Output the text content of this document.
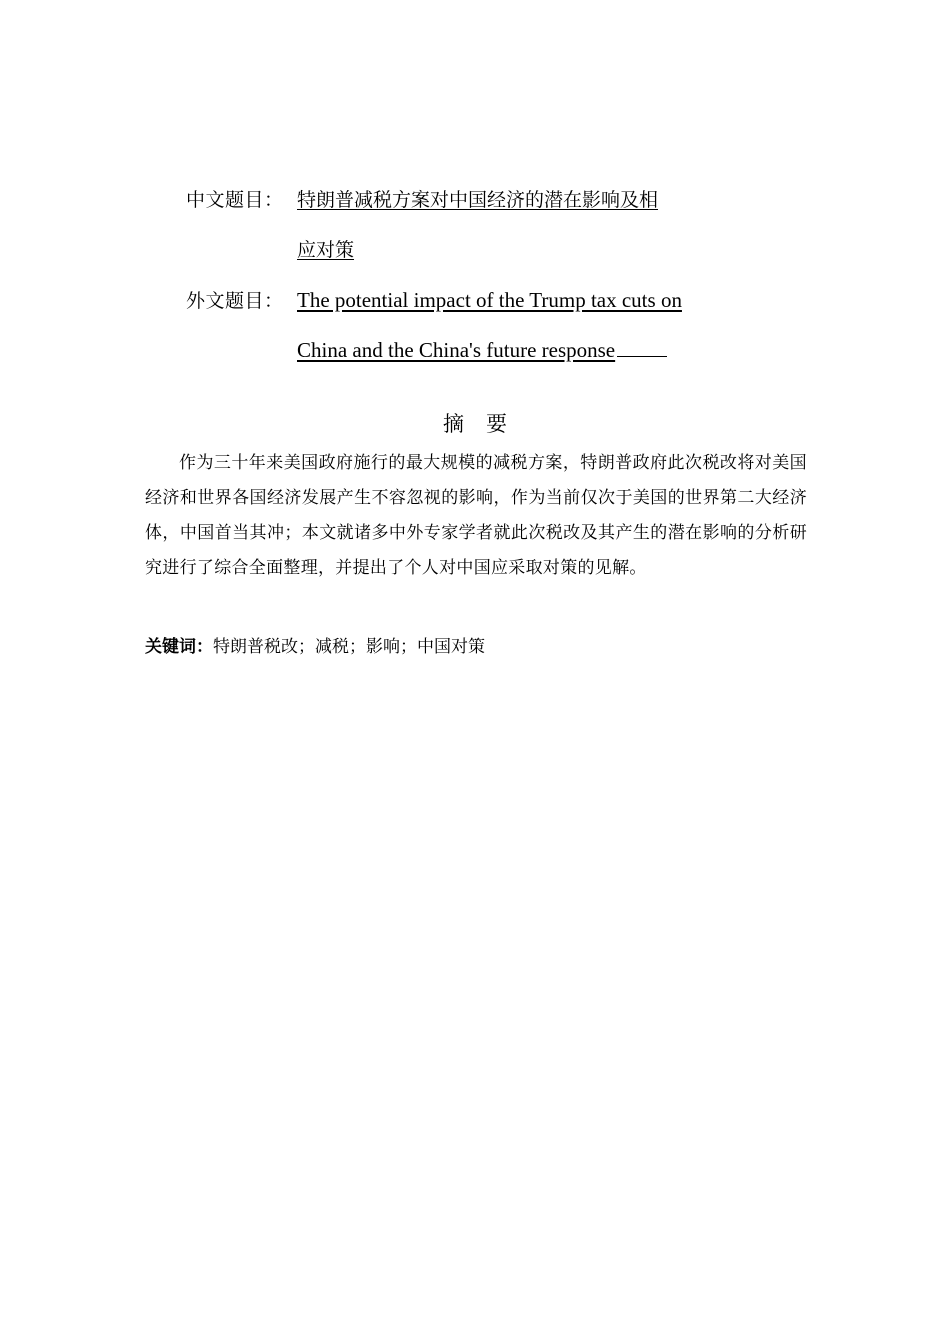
中文题目： 特朗普减税方案对中国经济的潜在影响及相
应对策
外文题目： The potential impact of the Trump tax cuts on
China and the China's future response
摘要
作为三十年来美国政府施行的最大规模的减税方案，特朗普政府此次税改将对美国经济和世界各国经济发展产生不容忽视的影响，作为当前仅次于美国的世界第二大经济体，中国首当其冲；本文就诸多中外专家学者就此次税改及其产生的潜在影响的分析研究进行了综合全面整理，并提出了个人对中国应采取对策的见解。
关键词：特朗普税改；减税；影响；中国对策
